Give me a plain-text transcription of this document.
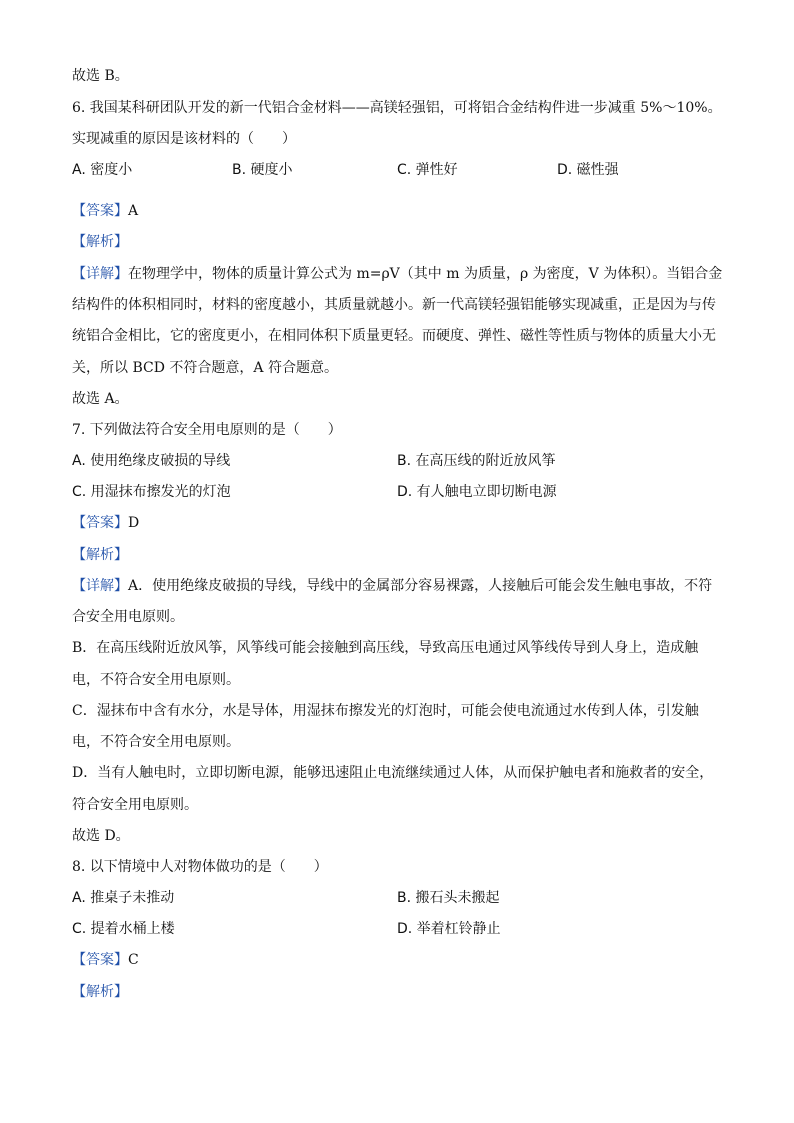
故选 B。
6. 我国某科研团队开发的新一代铝合金材料——高镁轻强铝，可将铝合金结构件进一步减重 5%～10%。
实现减重的原因是该材料的（　　）
A. 密度小	B. 硬度小	C. 弹性好	D. 磁性强
【答案】A
【解析】
【详解】在物理学中，物体的质量计算公式为 m=ρV（其中 m 为质量，ρ 为密度，V 为体积）。当铝合金
结构件的体积相同时，材料的密度越小，其质量就越小。新一代高镁轻强铝能够实现减重，正是因为与传
统铝合金相比，它的密度更小，在相同体积下质量更轻。而硬度、弹性、磁性等性质与物体的质量大小无
关，所以 BCD 不符合题意，A 符合题意。
故选 A。
7. 下列做法符合安全用电原则的是（　　）
A. 使用绝缘皮破损的导线	B. 在高压线的附近放风筝
C. 用湿抹布擦发光的灯泡	D. 有人触电立即切断电源
【答案】D
【解析】
【详解】A．使用绝缘皮破损的导线，导线中的金属部分容易裸露，人接触后可能会发生触电事故，不符
合安全用电原则。
B．在高压线附近放风筝，风筝线可能会接触到高压线，导致高压电通过风筝线传导到人身上，造成触
电，不符合安全用电原则。
C．湿抹布中含有水分，水是导体，用湿抹布擦发光的灯泡时，可能会使电流通过水传到人体，引发触
电，不符合安全用电原则。
D．当有人触电时，立即切断电源，能够迅速阻止电流继续通过人体，从而保护触电者和施救者的安全，
符合安全用电原则。
故选 D。
8. 以下情境中人对物体做功的是（　　）
A. 推桌子未推动	B. 搬石头未搬起
C. 提着水桶上楼	D. 举着杠铃静止
【答案】C
【解析】
